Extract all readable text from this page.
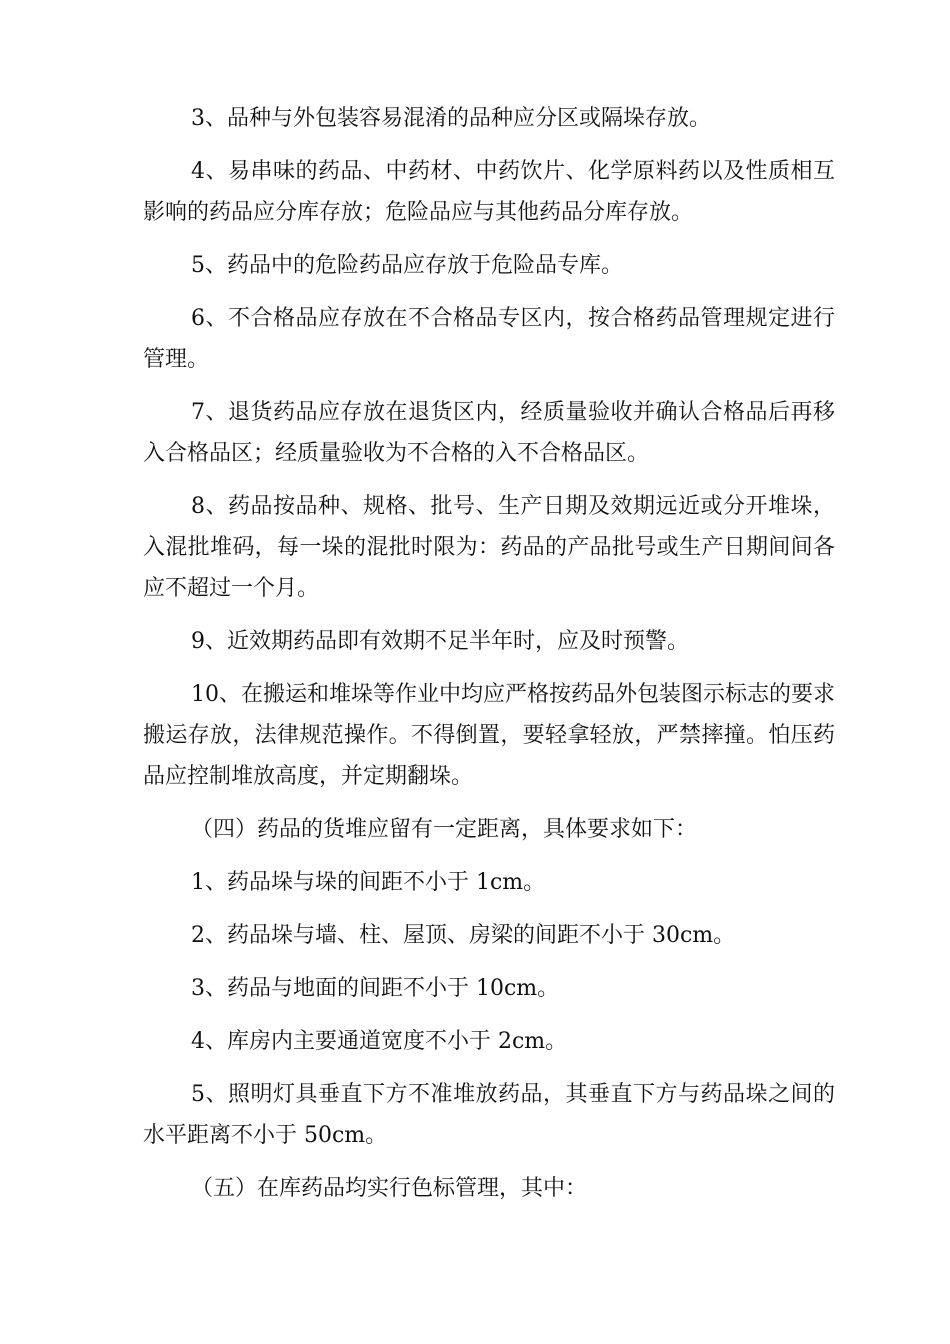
3、品种与外包装容易混淆的品种应分区或隔垛存放。

4、易串味的药品、中药材、中药饮片、化学原料药以及性质相互影响的药品应分库存放；危险品应与其他药品分库存放。

5、药品中的危险药品应存放于危险品专库。

6、不合格品应存放在不合格品专区内，按合格药品管理规定进行管理。

7、退货药品应存放在退货区内，经质量验收并确认合格品后再移入合格品区；经质量验收为不合格的入不合格品区。

8、药品按品种、规格、批号、生产日期及效期远近或分开堆垛，入混批堆码，每一垛的混批时限为：药品的产品批号或生产日期间间各应不超过一个月。

9、近效期药品即有效期不足半年时，应及时预警。

10、在搬运和堆垛等作业中均应严格按药品外包装图示标志的要求搬运存放，法律规范操作。不得倒置，要轻拿轻放，严禁摔撞。怕压药品应控制堆放高度，并定期翻垛。

（四）药品的货堆应留有一定距离，具体要求如下：

1、药品垛与垛的间距不小于 1cm。

2、药品垛与墙、柱、屋顶、房梁的间距不小于 30cm。

3、药品与地面的间距不小于 10cm。

4、库房内主要通道宽度不小于 2cm。

5、照明灯具垂直下方不准堆放药品，其垂直下方与药品垛之间的水平距离不小于 50cm。

（五）在库药品均实行色标管理，其中：
